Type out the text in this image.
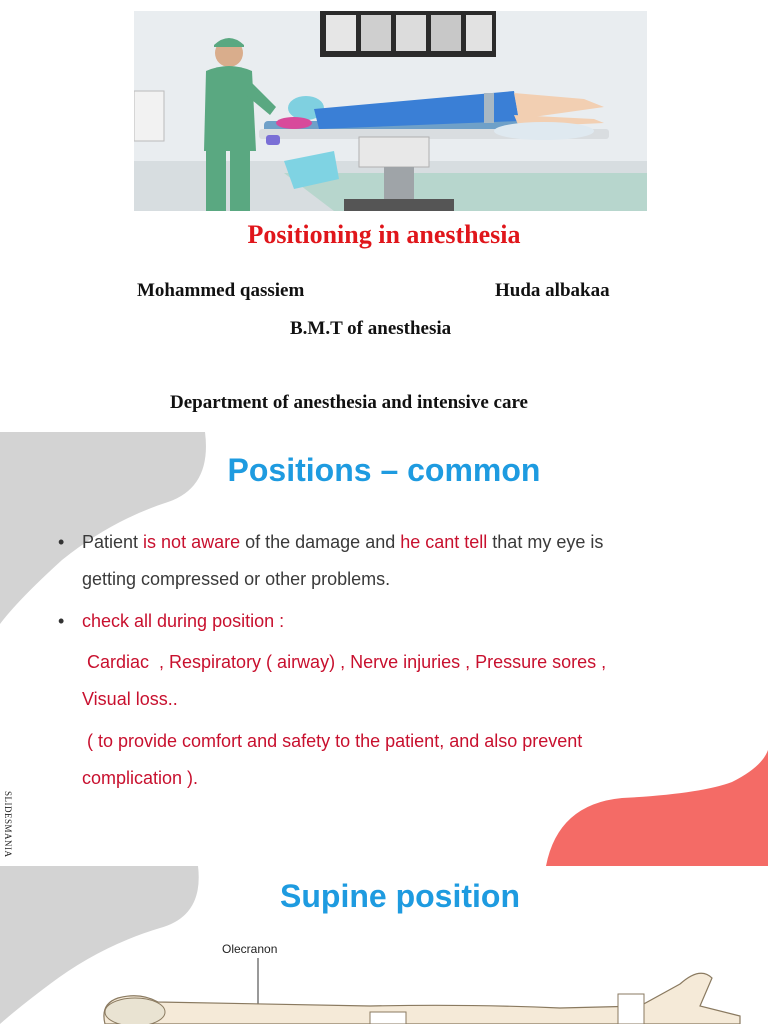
Positioning in anesthesia
Mohammed qassiem	Huda albakaa
B.M.T of anesthesia
Department of anesthesia and intensive care
Positions – common
• Patient is not aware of the damage and he cant tell that my eye is
getting compressed or other problems.
• check all during position :
Cardiac  , Respiratory ( airway) , Nerve injuries , Pressure sores ,
Visual loss..
( to provide comfort and safety to the patient, and also prevent
complication ).
SLIDESMANIA
Supine position
Olecranon
